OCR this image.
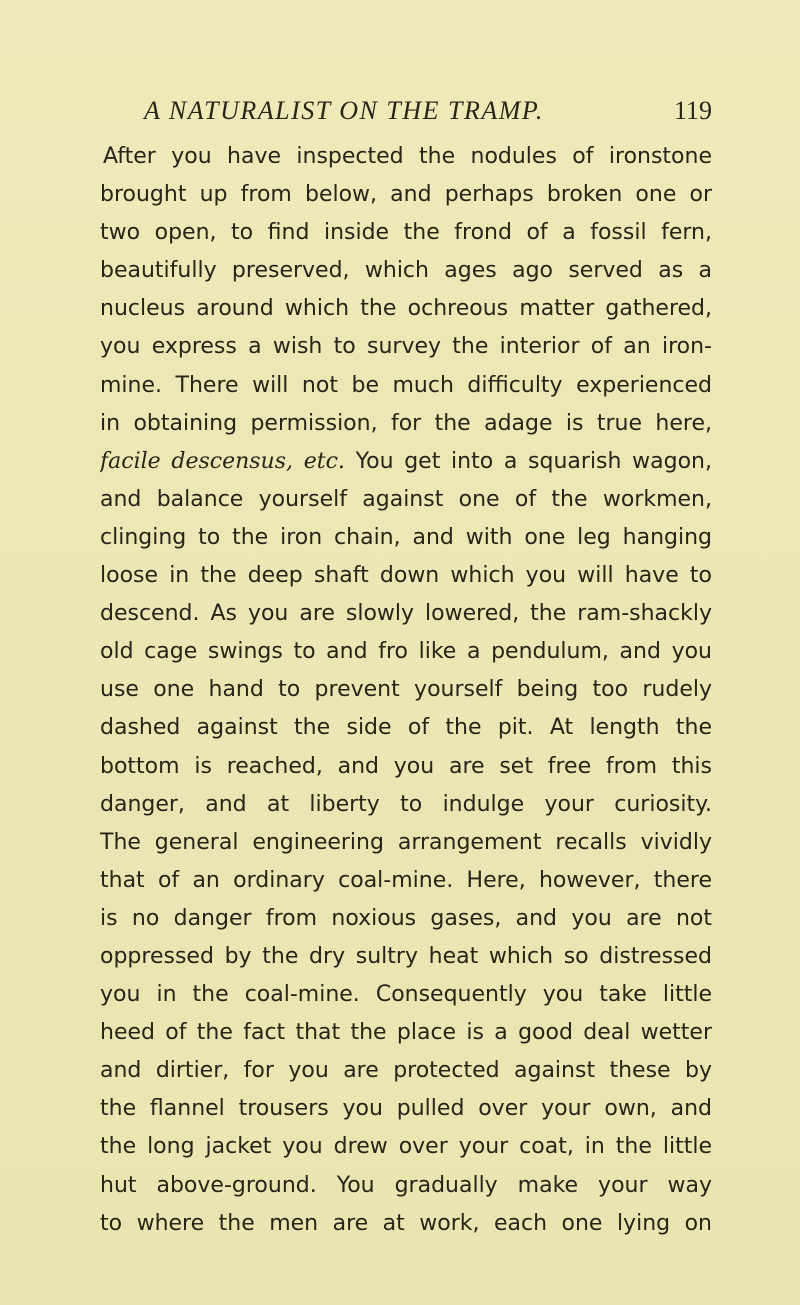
A NATURALIST ON THE TRAMP.	119
After you have inspected the nodules of ironstone
brought up from below, and perhaps broken one or
two open, to find inside the frond of a fossil fern,
beautifully preserved, which ages ago served as a
nucleus around which the ochreous matter gathered,
you express a wish to survey the interior of an iron-
mine. There will not be much difficulty experienced
in obtaining permission, for the adage is true here,
facile descensus, etc. You get into a squarish wagon,
and balance yourself against one of the workmen,
clinging to the iron chain, and with one leg hanging
loose in the deep shaft down which you will have to
descend. As you are slowly lowered, the ram-shackly
old cage swings to and fro like a pendulum, and you
use one hand to prevent yourself being too rudely
dashed against the side of the pit. At length the
bottom is reached, and you are set free from this
danger, and at liberty to indulge your curiosity.
The general engineering arrangement recalls vividly
that of an ordinary coal-mine. Here, however, there
is no danger from noxious gases, and you are not
oppressed by the dry sultry heat which so distressed
you in the coal-mine. Consequently you take little
heed of the fact that the place is a good deal wetter
and dirtier, for you are protected against these by
the flannel trousers you pulled over your own, and
the long jacket you drew over your coat, in the little
hut above-ground. You gradually make your way
to where the men are at work, each one lying on
